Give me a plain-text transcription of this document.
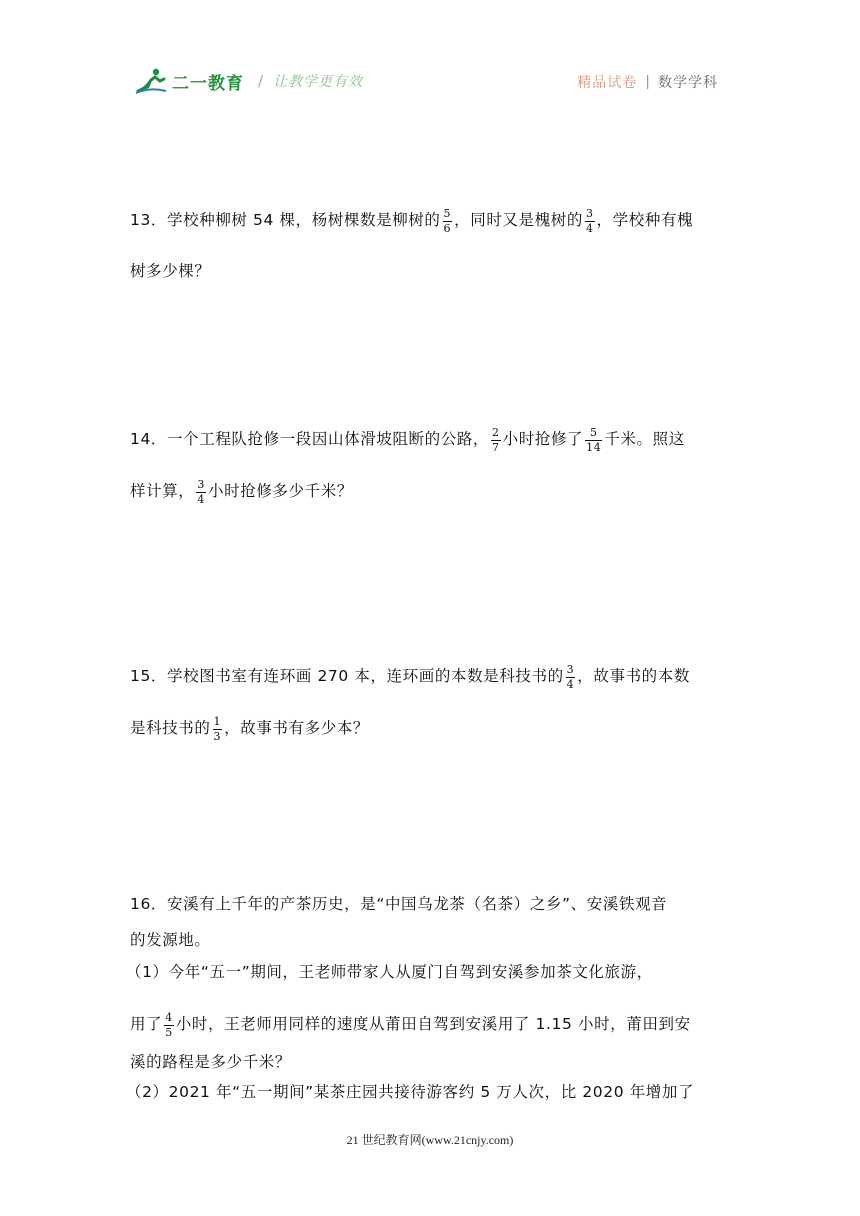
二一教育 / 让教学更有效	精品试卷 | 数学学科
13．学校种柳树 54 棵，杨树棵数是柳树的 $\frac{5}{6}$ ，同时又是槐树的 $\frac{3}{4}$ ，学校种有槐
树多少棵？
14．一个工程队抢修一段因山体滑坡阻断的公路， $\frac{2}{7}$ 小时抢修了 $\frac{5}{14}$ 千米。照这
样计算， $\frac{3}{4}$ 小时抢修多少千米？
15．学校图书室有连环画 270 本，连环画的本数是科技书的 $\frac{3}{4}$ ，故事书的本数
是科技书的 $\frac{1}{3}$ ，故事书有多少本？
16．安溪有上千年的产茶历史，是“中国乌龙茶（名茶）之乡”、安溪铁观音
的发源地。
（1）今年“五一”期间，王老师带家人从厦门自驾到安溪参加茶文化旅游，
用了 $\frac{4}{5}$ 小时，王老师用同样的速度从莆田自驾到安溪用了 1.15 小时，莆田到安
溪的路程是多少千米？
（2）2021 年“五一期间”某茶庄园共接待游客约 5 万人次，比 2020 年增加了
21 世纪教育网(www.21cnjy.com)
